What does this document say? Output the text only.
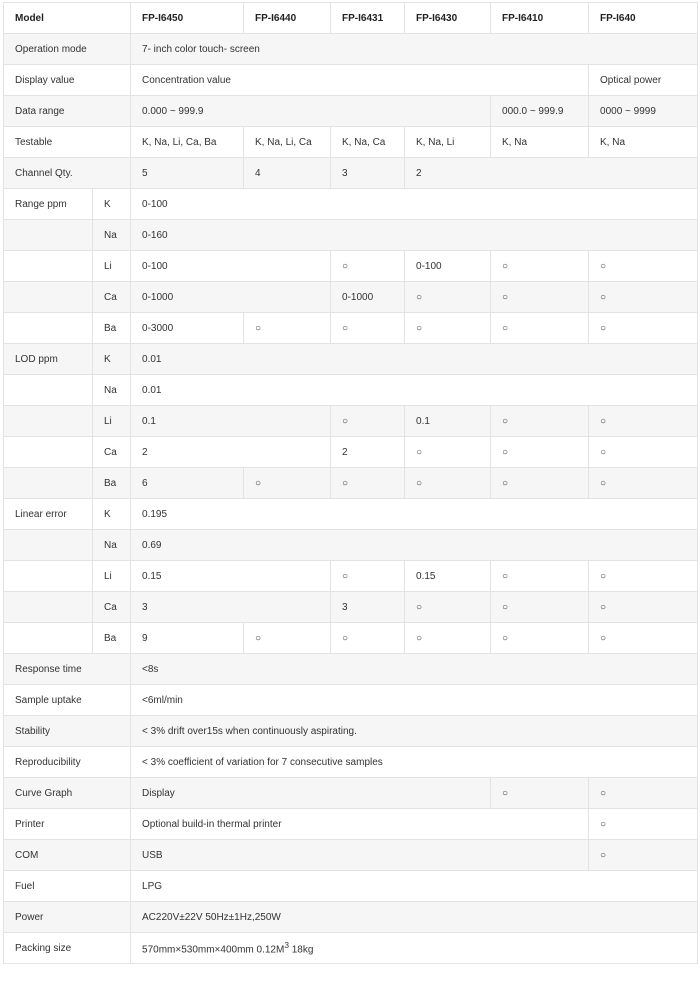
Model		FP-I6450	FP-I6440	FP-I6431	FP-I6430	FP-I6410	FP-I640
Operation mode		7- inch color touch- screen					
Display value		Concentration value					Optical power
Data range		0.000 ~ 999.9				000.0 ~ 999.9	0000 ~ 9999
Testable		K, Na, Li, Ca, Ba	K, Na, Li, Ca	K, Na, Ca	K, Na, Li	K, Na	K, Na
Channel Qty.		5	4	3	2		
Range ppm	K	0-100					
	Na	0-160					
	Li	0-100		○	0-100	○	○
	Ca	0-1000		0-1000	○	○	○
	Ba	0-3000	○	○	○	○	○
LOD ppm	K	0.01					
	Na	0.01					
	Li	0.1		○	0.1	○	○
	Ca	2		2	○	○	○
	Ba	6	○	○	○	○	○
Linear error	K	0.195					
	Na	0.69					
	Li	0.15		○	0.15	○	○
	Ca	3		3	○	○	○
	Ba	9	○	○	○	○	○
Response time		<8s					
Sample uptake		<6ml/min					
Stability		< 3% drift over15s when continuously aspirating.					
Reproducibility		< 3% coefficient of variation for 7 consecutive samples					
Curve Graph		Display				○	○
Printer		Optional build-in thermal printer					○
COM		USB					○
Fuel		LPG					
Power		AC220V±22V 50Hz±1Hz,250W					
Packing size		570mm×530mm×400mm $0.12M^3$ 18kg					
